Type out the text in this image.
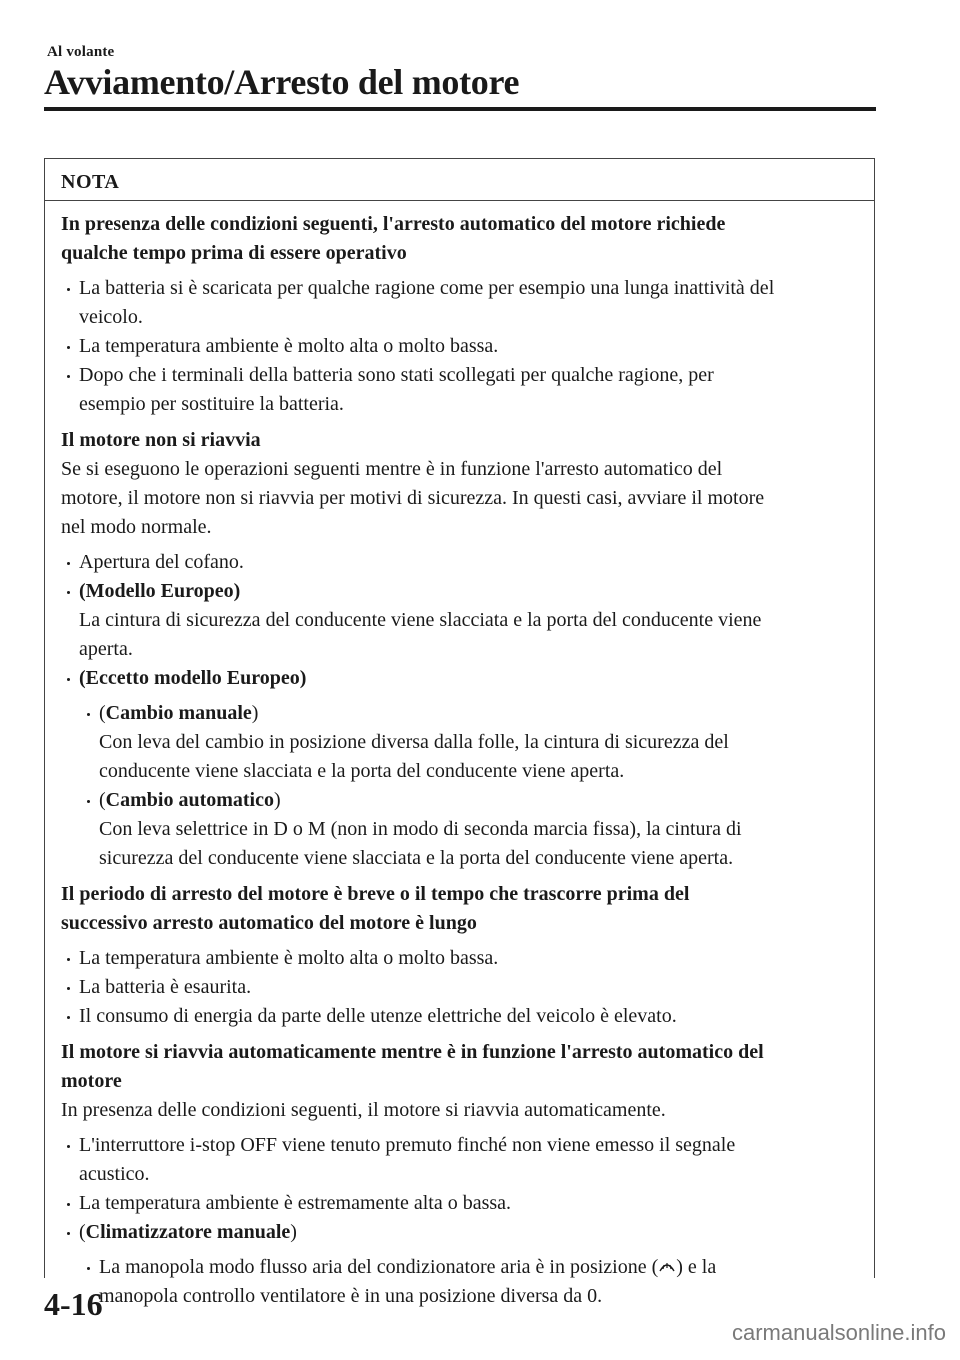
Al volante
Avviamento/Arresto del motore
NOTA
In presenza delle condizioni seguenti, l'arresto automatico del motore richiede
qualche tempo prima di essere operativo
La batteria si è scaricata per qualche ragione come per esempio una lunga inattività del
veicolo.
La temperatura ambiente è molto alta o molto bassa.
Dopo che i terminali della batteria sono stati scollegati per qualche ragione, per
esempio per sostituire la batteria.
Il motore non si riavvia
Se si eseguono le operazioni seguenti mentre è in funzione l'arresto automatico del
motore, il motore non si riavvia per motivi di sicurezza. In questi casi, avviare il motore
nel modo normale.
Apertura del cofano.
(Modello Europeo)
La cintura di sicurezza del conducente viene slacciata e la porta del conducente viene
aperta.
(Eccetto modello Europeo)
(Cambio manuale)
Con leva del cambio in posizione diversa dalla folle, la cintura di sicurezza del
conducente viene slacciata e la porta del conducente viene aperta.
(Cambio automatico)
Con leva selettrice in D o M (non in modo di seconda marcia fissa), la cintura di
sicurezza del conducente viene slacciata e la porta del conducente viene aperta.
Il periodo di arresto del motore è breve o il tempo che trascorre prima del
successivo arresto automatico del motore è lungo
La temperatura ambiente è molto alta o molto bassa.
La batteria è esaurita.
Il consumo di energia da parte delle utenze elettriche del veicolo è elevato.
Il motore si riavvia automaticamente mentre è in funzione l'arresto automatico del
motore
In presenza delle condizioni seguenti, il motore si riavvia automaticamente.
L'interruttore i-stop OFF viene tenuto premuto finché non viene emesso il segnale
acustico.
La temperatura ambiente è estremamente alta o bassa.
(Climatizzatore manuale)
La manopola modo flusso aria del condizionatore aria è in posizione ( ) e la
manopola controllo ventilatore è in una posizione diversa da 0.
4-16
carmanualsonline.info
